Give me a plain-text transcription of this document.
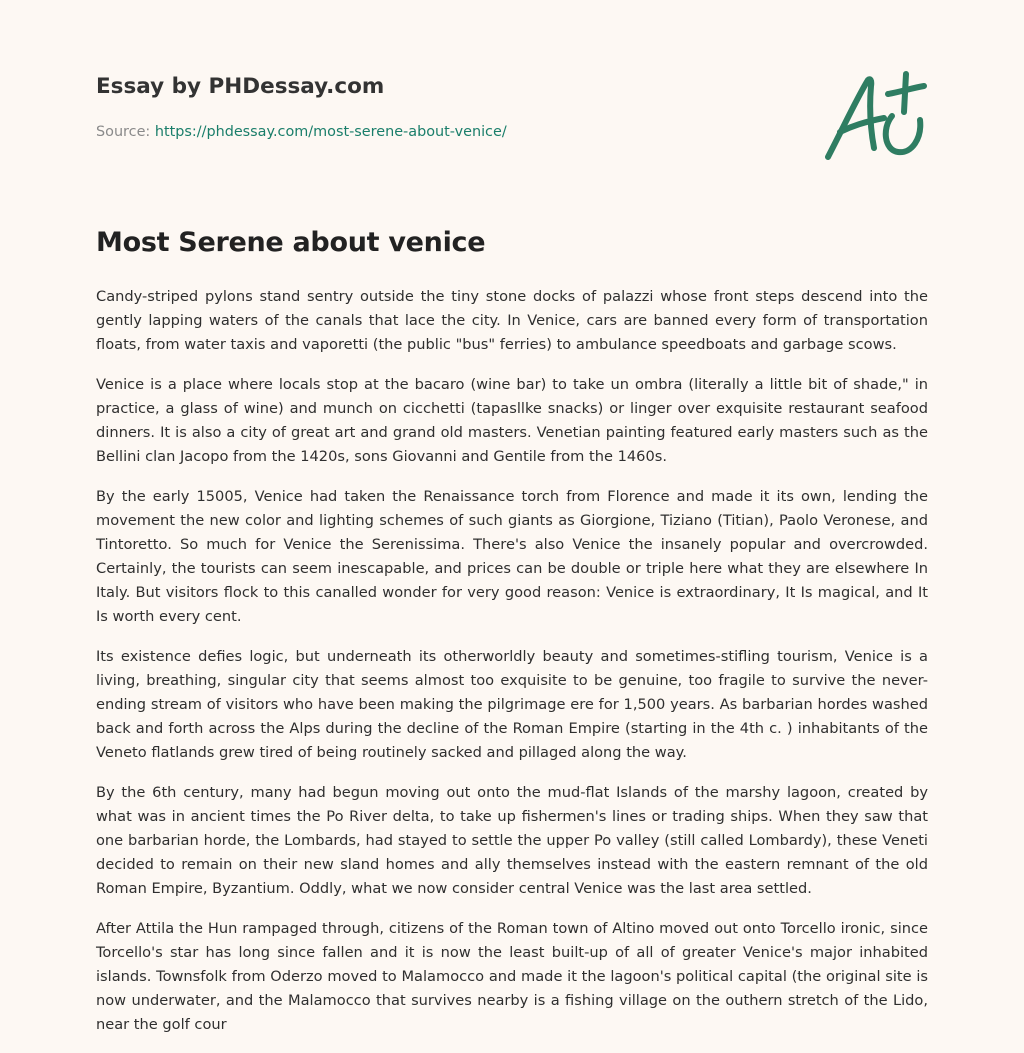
Essay by PHDessay.com
Source: https://phdessay.com/most-serene-about-venice/
Most Serene about venice

Candy-striped pylons stand sentry outside the tiny stone docks of palazzi whose front steps descend into the gently lapping waters of the canals that lace the city. In Venice, cars are banned every form of transportation floats, from water taxis and vaporetti (the public "bus" ferries) to ambulance speedboats and garbage scows.

Venice is a place where locals stop at the bacaro (wine bar) to take un ombra (literally a little bit of shade," in practice, a glass of wine) and munch on cicchetti (tapasllke snacks) or linger over exquisite restaurant seafood dinners. It is also a city of great art and grand old masters. Venetian painting featured early masters such as the Bellini clan Jacopo from the 1420s, sons Giovanni and Gentile from the 1460s.

By the early 15005, Venice had taken the Renaissance torch from Florence and made it its own, lending the movement the new color and lighting schemes of such giants as Giorgione, Tiziano (Titian), Paolo Veronese, and Tintoretto. So much for Venice the Serenissima. There's also Venice the insanely popular and overcrowded. Certainly, the tourists can seem inescapable, and prices can be double or triple here what they are elsewhere In Italy. But visitors flock to this canalled wonder for very good reason: Venice is extraordinary, It Is magical, and It Is worth every cent.

Its existence defies logic, but underneath its otherworldly beauty and sometimes-stifling tourism, Venice is a living, breathing, singular city that seems almost too exquisite to be genuine, too fragile to survive the never-ending stream of visitors who have been making the pilgrimage ere for 1,500 years. As barbarian hordes washed back and forth across the Alps during the decline of the Roman Empire (starting in the 4th c. ) inhabitants of the Veneto flatlands grew tired of being routinely sacked and pillaged along the way.

By the 6th century, many had begun moving out onto the mud-flat Islands of the marshy lagoon, created by what was in ancient times the Po River delta, to take up fishermen's lines or trading ships. When they saw that one barbarian horde, the Lombards, had stayed to settle the upper Po valley (still called Lombardy), these Veneti decided to remain on their new sland homes and ally themselves instead with the eastern remnant of the old Roman Empire, Byzantium. Oddly, what we now consider central Venice was the last area settled.

After Attila the Hun rampaged through, citizens of the Roman town of Altino moved out onto Torcello ironic, since Torcello's star has long since fallen and it is now the least built-up of all of greater Venice's major inhabited islands. Townsfolk from Oderzo moved to Malamocco and made it the lagoon's political capital (the original site is now underwater, and the Malamocco that survives nearby is a fishing village on the outhern stretch of the Lido, near the golf cour
